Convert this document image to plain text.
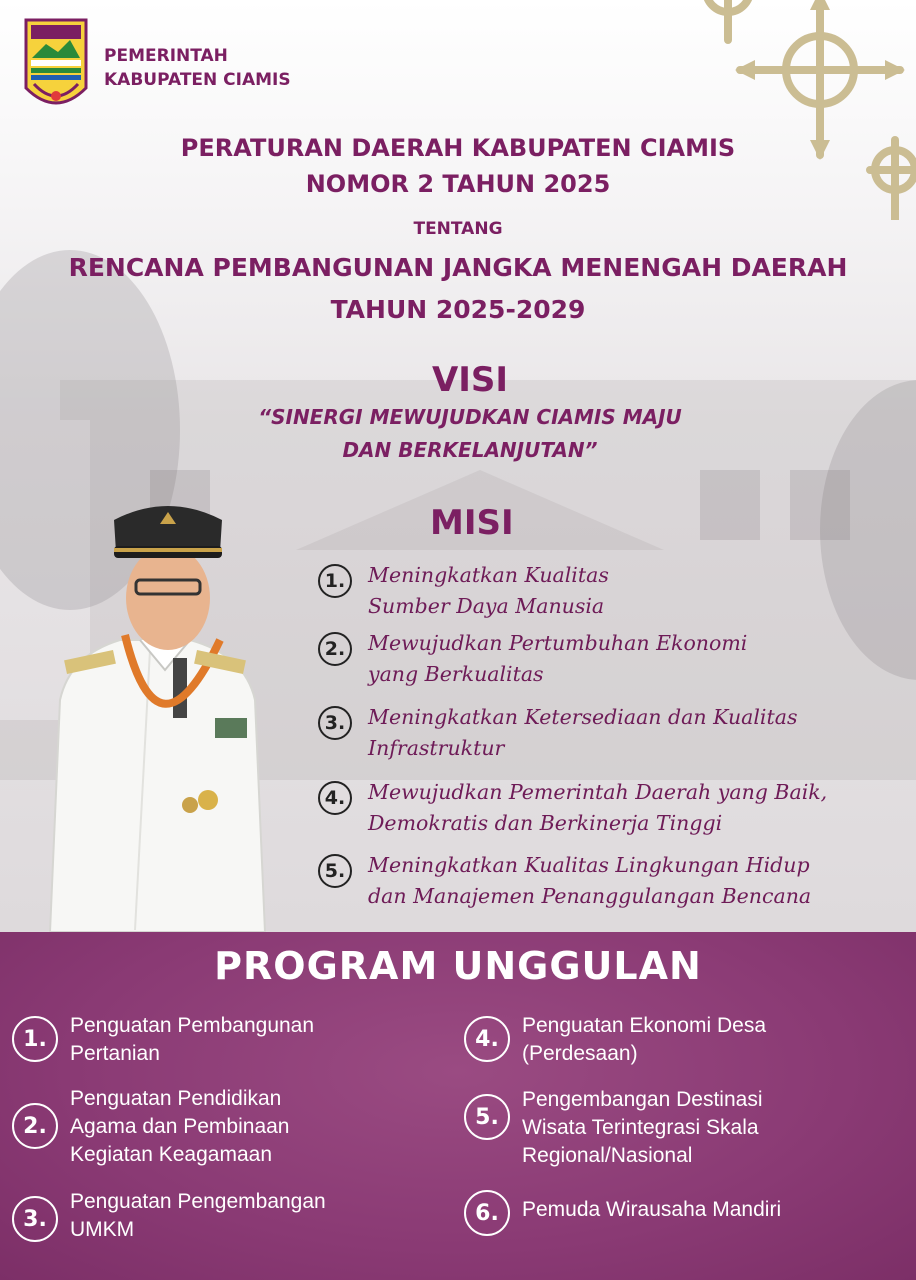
PEMERINTAH
KABUPATEN CIAMIS
PERATURAN DAERAH KABUPATEN CIAMIS
NOMOR 2 TAHUN 2025
TENTANG
RENCANA PEMBANGUNAN JANGKA MENENGAH DAERAH
TAHUN 2025-2029
VISI
“SINERGI MEWUJUDKAN CIAMIS MAJU
DAN BERKELANJUTAN”
MISI
1.	Meningkatkan Kualitas
Sumber Daya Manusia
2.	Mewujudkan Pertumbuhan Ekonomi
yang Berkualitas
3.	Meningkatkan Ketersediaan dan Kualitas
Infrastruktur
4.	Mewujudkan Pemerintah Daerah yang Baik,
Demokratis dan Berkinerja Tinggi
5.	Meningkatkan Kualitas Lingkungan Hidup
dan Manajemen Penanggulangan Bencana
PROGRAM UNGGULAN
1.
Penguatan Pembangunan
Pertanian
2.
Penguatan Pendidikan
Agama dan Pembinaan
Kegiatan Keagamaan
3.
Penguatan Pengembangan
UMKM
4.
Penguatan Ekonomi Desa
(Perdesaan)
5.
Pengembangan Destinasi
Wisata Terintegrasi Skala
Regional/Nasional
6.	Pemuda Wirausaha Mandiri
